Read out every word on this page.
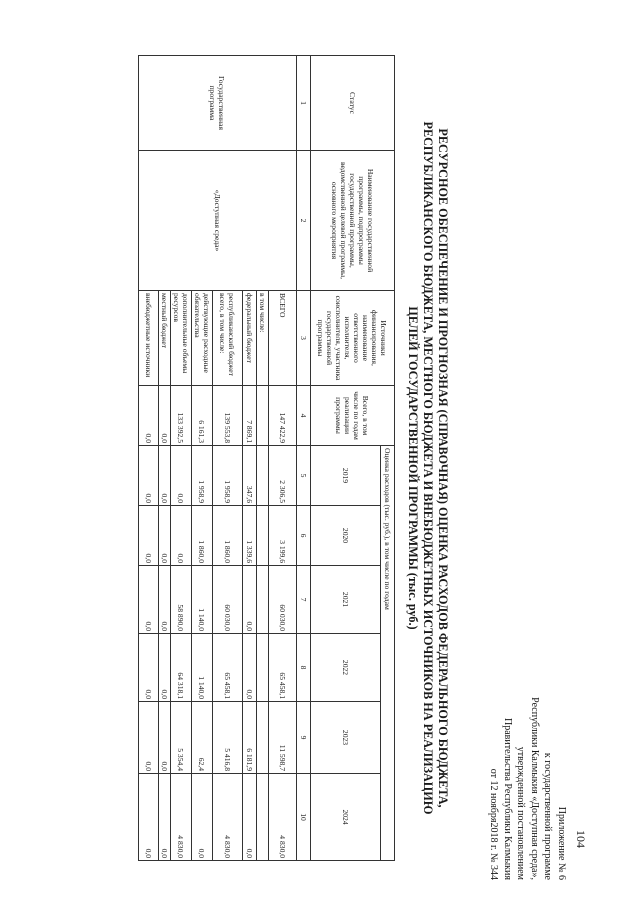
104
Приложение № 6
к государственной программе
Республики Калмыкия «Доступная среда»,
утвержденной постановлением
Правительства Республики Калмыкия
от 12 ноября2018 г. № 344
РЕСУРСНОЕ ОБЕСПЕЧЕНИЕ И ПРОГНОЗНАЯ (СПРАВОЧНАЯ) ОЦЕНКА РАСХОДОВ ФЕДЕРАЛЬНОГО БЮДЖЕТА,
РЕСПУБЛИКАНСКОГО БЮДЖЕТА, МЕСТНОГО БЮДЖЕТА И ВНЕБЮДЖЕТНЫХ ИСТОЧНИКОВ НА РЕАЛИЗАЦИЮ
ЦЕЛЕЙ ГОСУДАРСТВЕННОЙ ПРОГРАММЫ (тыс. руб.)
Статус	Наименование государственной программы, подпрограммы государственной программы, ведомственной целевой программы, основного мероприятия	Источники финансирования, наименование ответственного исполнителя, соисполнителя, участника государственной программы	Всего, в том числе по годам реализации программы	Оценка расходов (тыс. руб.), в том числе по годам					
				2019	2020	2021	2022	2023	2024
1	2	3	4	5	6	7	8	9	10
Государственная программа	«Доступная среда»	ВСЕГО	147 422,9	2 306,5	3 199,6	60 030,0	65 458,1	11 598,7	4 830,0
		в том числе:							
		федеральный бюджет	7 869,1	347,6	1 339,6	0,0	0,0	6 181,9	0,0
		республиканский бюджет всего, в том числе:	139 553,8	1 958,9	1 860,0	60 030,0	65 458,1	5 416,8	4 830,0
		действующие расходные обязательства	6 161,3	1 958,9	1 860,0	1 140,0	1 140,0	62,4	0,0
		дополнительные объемы ресурсов	133 392,5	0,0	0,0	58 890,0	64 318,1	5 354,4	4 830,0
		местный бюджет	0,0	0,0	0,0	0,0	0,0	0,0	0,0
		внебюджетные источники	0,0	0,0	0,0	0,0	0,0	0,0	0,0
